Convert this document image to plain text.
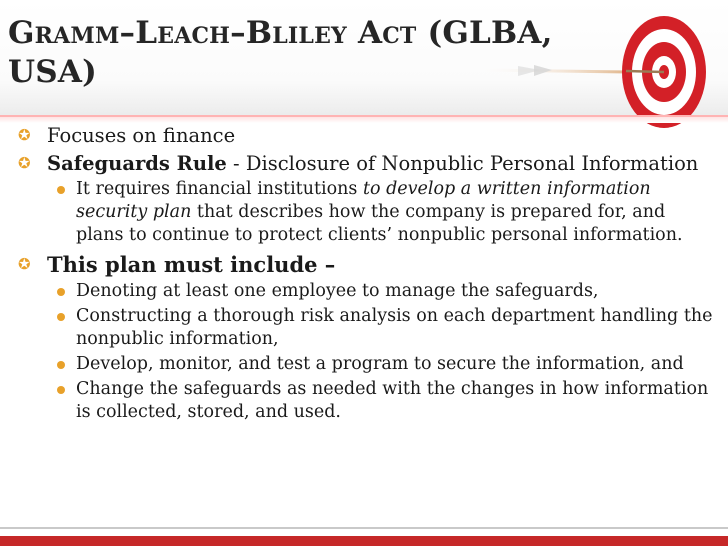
Gramm–Leach–Bliley Act (GLBA, USA)
✪ Focuses on finance
✪ Safeguards Rule - Disclosure of Nonpublic Personal Information
It requires financial institutions to develop a written information security plan that describes how the company is prepared for, and plans to continue to protect clients’ nonpublic personal information.
✪ This plan must include –
Denoting at least one employee to manage the safeguards,
Constructing a thorough risk analysis on each department handling the nonpublic information,
Develop, monitor, and test a program to secure the information, and
Change the safeguards as needed with the changes in how information is collected, stored, and used.
